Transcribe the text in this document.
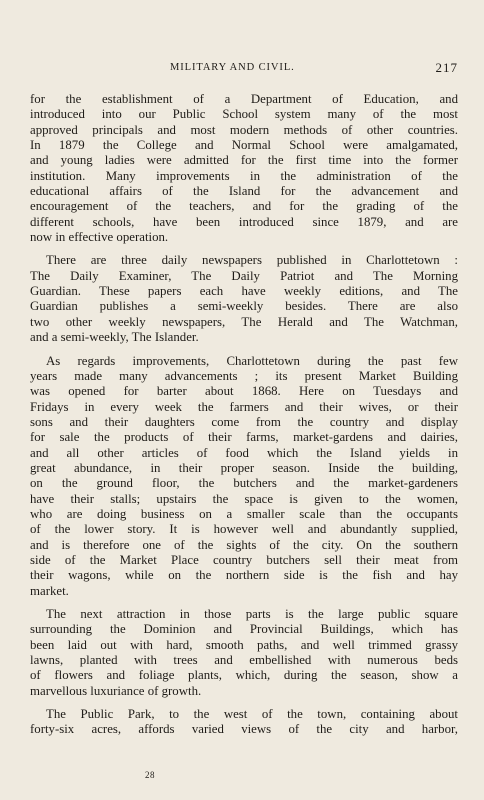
MILITARY AND CIVIL.	217

for the establishment of a Department of Education, and
introduced into our Public School system many of the most
approved principals and most modern methods of other countries.
In 1879 the College and Normal School were amalgamated,
and young ladies were admitted for the first time into the former
institution. Many improvements in the administration of the
educational affairs of the Island for the advancement and
encouragement of the teachers, and for the grading of the
different schools, have been introduced since 1879, and are
now in effective operation.

There are three daily newspapers published in Charlottetown :
The Daily Examiner, The Daily Patriot and The Morning
Guardian. These papers each have weekly editions, and The
Guardian publishes a semi-weekly besides. There are also
two other weekly newspapers, The Herald and The Watchman,
and a semi-weekly, The Islander.

As regards improvements, Charlottetown during the past few
years made many advancements ; its present Market Building
was opened for barter about 1868. Here on Tuesdays and
Fridays in every week the farmers and their wives, or their
sons and their daughters come from the country and display
for sale the products of their farms, market-gardens and dairies,
and all other articles of food which the Island yields in
great abundance, in their proper season. Inside the building,
on the ground floor, the butchers and the market-gardeners
have their stalls; upstairs the space is given to the women,
who are doing business on a smaller scale than the occupants
of the lower story. It is however well and abundantly supplied,
and is therefore one of the sights of the city. On the southern
side of the Market Place country butchers sell their meat from
their wagons, while on the northern side is the fish and hay
market.

The next attraction in those parts is the large public square
surrounding the Dominion and Provincial Buildings, which has
been laid out with hard, smooth paths, and well trimmed grassy
lawns, planted with trees and embellished with numerous beds
of flowers and foliage plants, which, during the season, show a
marvellous luxuriance of growth.

The Public Park, to the west of the town, containing about
forty-six acres, affords varied views of the city and harbor,

28
